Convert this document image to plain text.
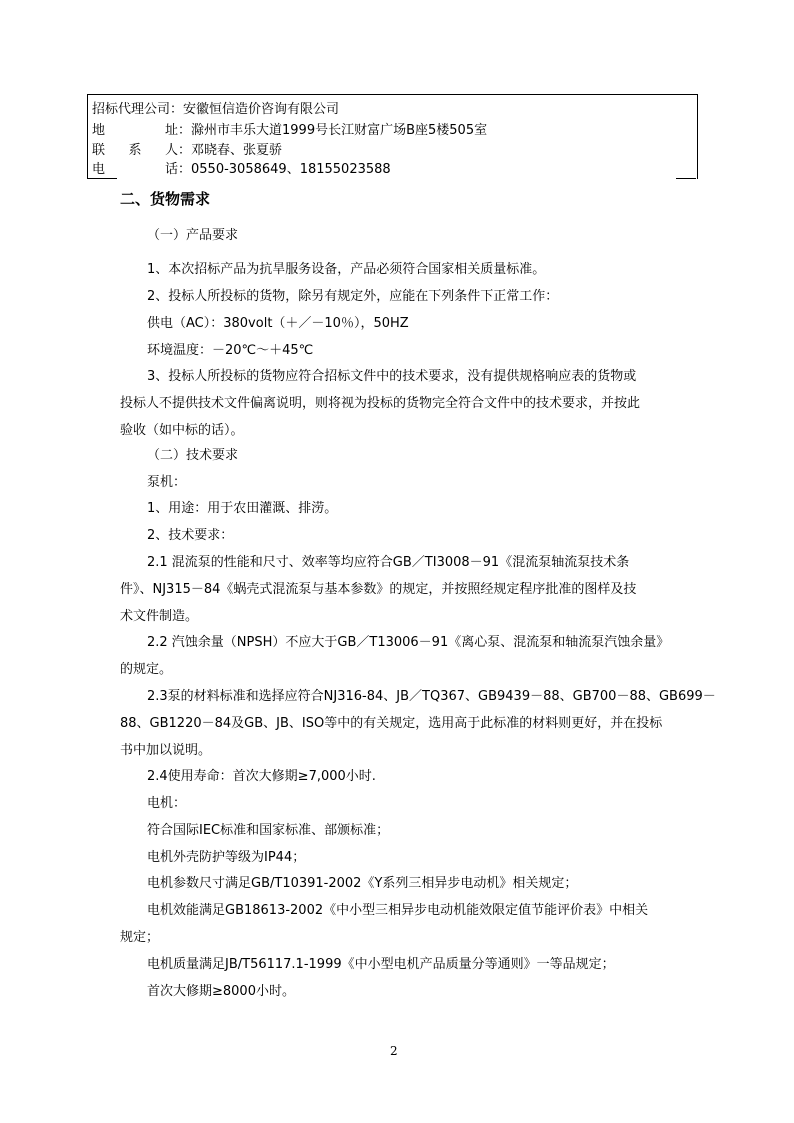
招标代理公司：安徽恒信造价咨询有限公司
地址：滁州市丰乐大道1999号长江财富广场B座5楼505室
联系人：邓晓春、张夏骄
电话：0550-3058649、18155023588
二、货物需求
（一）产品要求
1、本次招标产品为抗旱服务设备，产品必须符合国家相关质量标准。
2、投标人所投标的货物，除另有规定外，应能在下列条件下正常工作：
供电（AC）：380volt（＋／－10％），50HZ
环境温度：－20℃～＋45℃
3、投标人所投标的货物应符合招标文件中的技术要求，没有提供规格响应表的货物或
投标人不提供技术文件偏离说明，则将视为投标的货物完全符合文件中的技术要求，并按此
验收（如中标的话）。
（二）技术要求
泵机：
1、用途：用于农田灌溉、排涝。
2、技术要求：
2.1 混流泵的性能和尺寸、效率等均应符合GB／TI3008－91《混流泵轴流泵技术条
件》、NJ315－84《蜗壳式混流泵与基本参数》的规定，并按照经规定程序批准的图样及技
术文件制造。
2.2 汽蚀余量（NPSH）不应大于GB／T13006－91《离心泵、混流泵和轴流泵汽蚀余量》
的规定。
2.3泵的材料标准和选择应符合NJ316-84、JB／TQ367、GB9439－88、GB700－88、GB699－
88、GB1220－84及GB、JB、ISO等中的有关规定，选用高于此标准的材料则更好，并在投标
书中加以说明。
2.4使用寿命：首次大修期≥7,000小时.
电机：
符合国际IEC标准和国家标准、部颁标准；
电机外壳防护等级为IP44；
电机参数尺寸满足GB/T10391-2002《Y系列三相异步电动机》相关规定；
电机效能满足GB18613-2002《中小型三相异步电动机能效限定值节能评价表》中相关
规定；
电机质量满足JB/T56117.1-1999《中小型电机产品质量分等通则》一等品规定；
首次大修期≥8000小时。
2
